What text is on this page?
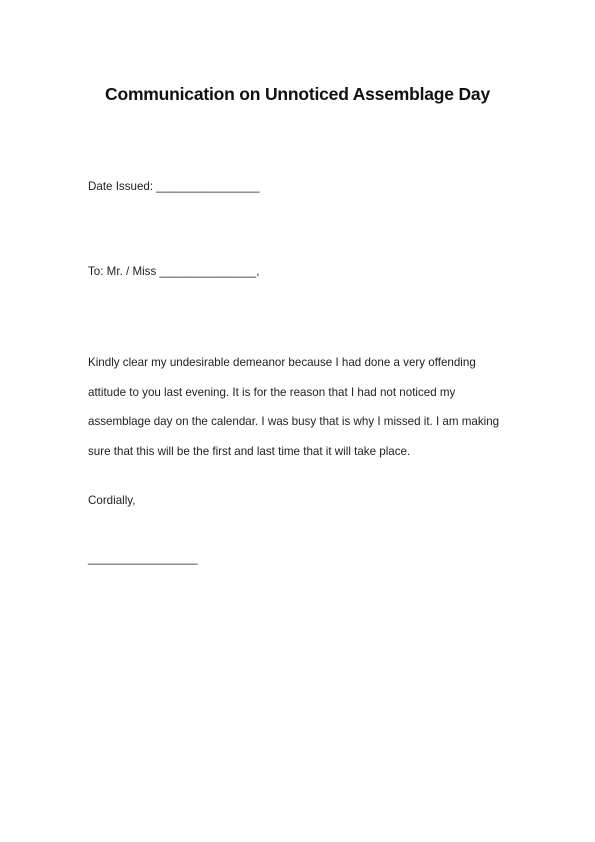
Communication on Unnoticed Assemblage Day

Date Issued: ________________

To: Mr. / Miss _______________,

Kindly clear my undesirable demeanor because I had done a very offending
attitude to you last evening. It is for the reason that I had not noticed my
assemblage day on the calendar. I was busy that is why I missed it. I am making
sure that this will be the first and last time that it will take place.

Cordially,

_________________
